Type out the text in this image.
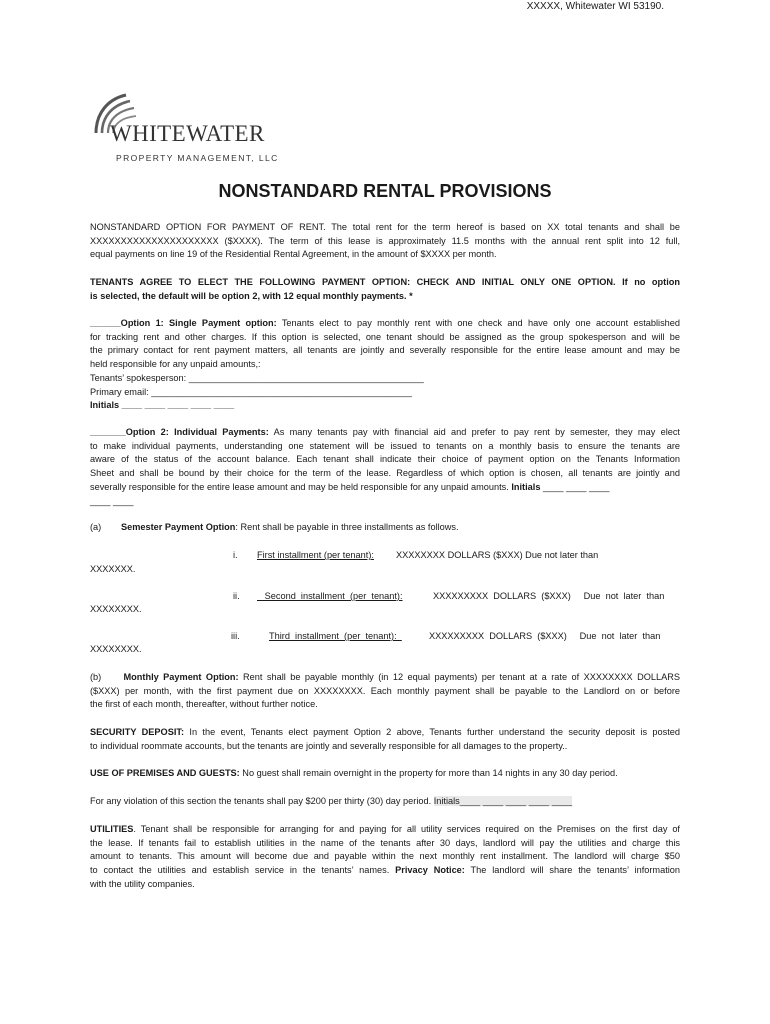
XXXXX, Whitewater WI 53190.
WHITEWATER
PROPERTY MANAGEMENT, LLC
NONSTANDARD RENTAL PROVISIONS
NONSTANDARD OPTION FOR PAYMENT OF RENT. The total rent for the term hereof is based on XX total tenants and shall be
XXXXXXXXXXXXXXXXXXXXX ($XXXX). The term of this lease is approximately 11.5 months with the annual rent split into 12 full,
equal payments on line 19 of the Residential Rental Agreement, in the amount of $XXXX per month.
TENANTS AGREE TO ELECT THE FOLLOWING PAYMENT OPTION: CHECK AND INITIAL ONLY ONE OPTION. If no option
is selected, the default will be option 2, with 12 equal monthly payments. *
______Option 1: Single Payment option: Tenants elect to pay monthly rent with one check and have only one account established
for tracking rent and other charges. If this option is selected, one tenant should be assigned as the group spokesperson and will be
the primary contact for rent payment matters, all tenants are jointly and severally responsible for the entire lease amount and may be
held responsible for any unpaid amounts,:
Tenants’ spokesperson: ______________________________________________
Primary email: ___________________________________________________
Initials ____ ____ ____ ____ ____
_______Option 2: Individual Payments: As many tenants pay with financial aid and prefer to pay rent by semester, they may elect
to make individual payments, understanding one statement will be issued to tenants on a monthly basis to ensure the tenants are
aware of the status of the account balance. Each tenant shall indicate their choice of payment option on the Tenants Information
Sheet and shall be bound by their choice for the term of the lease. Regardless of which option is chosen, all tenants are jointly and
severally responsible for the entire lease amount and may be held responsible for any unpaid amounts. Initials ____ ____ ____
____ ____
(a) Semester Payment Option: Rent shall be payable in three installments as follows.
i. First installment (per tenant): XXXXXXXX DOLLARS ($XXX) Due not later than
XXXXXXX.
ii. Second  installment  (per  tenant):	XXXXXXXXX  DOLLARS  ($XXX)     Due  not  later  than
XXXXXXXX.
iii.	Third  installment  (per  tenant):	XXXXXXXXX  DOLLARS  ($XXX)     Due  not  later  than
XXXXXXXX.
(b) Monthly Payment Option: Rent shall be payable monthly (in 12 equal payments) per tenant at a rate of XXXXXXXX DOLLARS
($XXX) per month, with the first payment due on XXXXXXXX. Each monthly payment shall be payable to the Landlord on or before
the first of each month, thereafter, without further notice.
SECURITY DEPOSIT: In the event, Tenants elect payment Option 2 above, Tenants further understand the security deposit is posted
to individual roommate accounts, but the tenants are jointly and severally responsible for all damages to the property..
USE OF PREMISES AND GUESTS: No guest shall remain overnight in the property for more than 14 nights in any 30 day period.
For any violation of this section the tenants shall pay $200 per thirty (30) day period. Initials____ ____ ____ ____ ____
UTILITIES. Tenant shall be responsible for arranging for and paying for all utility services required on the Premises on the first day of
the lease. If tenants fail to establish utilities in the name of the tenants after 30 days, landlord will pay the utilities and charge this
amount to tenants. This amount will become due and payable within the next monthly rent installment. The landlord will charge $50
to contact the utilities and establish service in the tenants’ names. Privacy Notice: The landlord will share the tenants’ information
with the utility companies.
